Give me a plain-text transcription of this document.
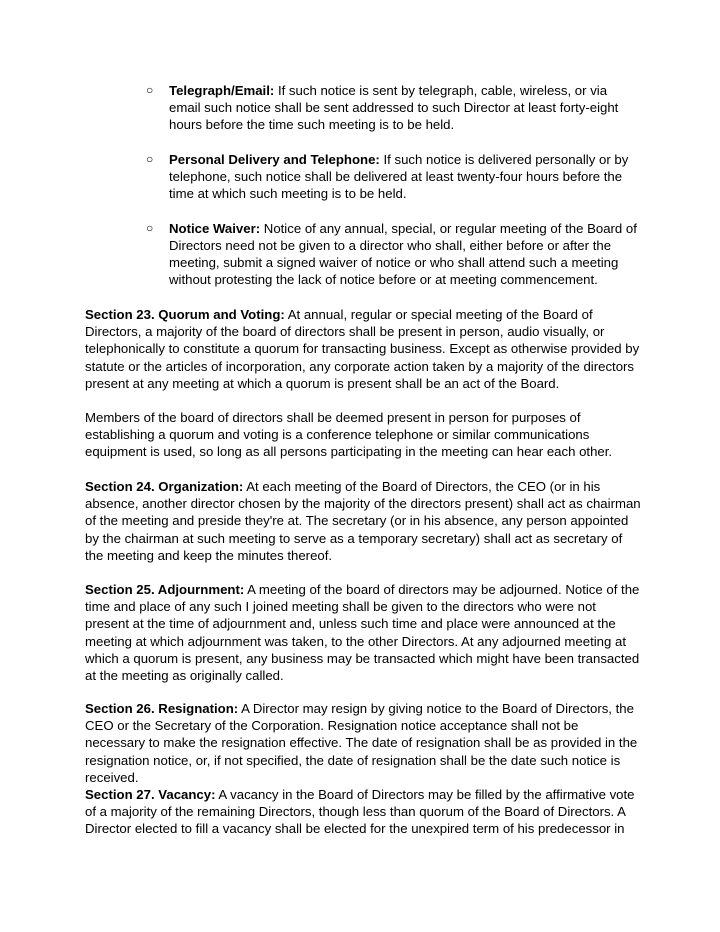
○ Telegraph/Email: If such notice is sent by telegraph, cable, wireless, or via email such notice shall be sent addressed to such Director at least forty-eight hours before the time such meeting is to be held.
○ Personal Delivery and Telephone: If such notice is delivered personally or by telephone, such notice shall be delivered at least twenty-four hours before the time at which such meeting is to be held.
○ Notice Waiver: Notice of any annual, special, or regular meeting of the Board of Directors need not be given to a director who shall, either before or after the meeting, submit a signed waiver of notice or who shall attend such a meeting without protesting the lack of notice before or at meeting commencement.

Section 23. Quorum and Voting: At annual, regular or special meeting of the Board of Directors, a majority of the board of directors shall be present in person, audio visually, or telephonically to constitute a quorum for transacting business. Except as otherwise provided by statute or the articles of incorporation, any corporate action taken by a majority of the directors present at any meeting at which a quorum is present shall be an act of the Board.

Members of the board of directors shall be deemed present in person for purposes of establishing a quorum and voting is a conference telephone or similar communications equipment is used, so long as all persons participating in the meeting can hear each other.

Section 24. Organization: At each meeting of the Board of Directors, the CEO (or in his absence, another director chosen by the majority of the directors present) shall act as chairman of the meeting and preside they're at. The secretary (or in his absence, any person appointed by the chairman at such meeting to serve as a temporary secretary) shall act as secretary of the meeting and keep the minutes thereof.

Section 25. Adjournment: A meeting of the board of directors may be adjourned. Notice of the time and place of any such I joined meeting shall be given to the directors who were not present at the time of adjournment and, unless such time and place were announced at the meeting at which adjournment was taken, to the other Directors. At any adjourned meeting at which a quorum is present, any business may be transacted which might have been transacted at the meeting as originally called.

Section 26. Resignation: A Director may resign by giving notice to the Board of Directors, the CEO or the Secretary of the Corporation. Resignation notice acceptance shall not be necessary to make the resignation effective. The date of resignation shall be as provided in the resignation notice, or, if not specified, the date of resignation shall be the date such notice is received.

Section 27. Vacancy: A vacancy in the Board of Directors may be filled by the affirmative vote of a majority of the remaining Directors, though less than quorum of the Board of Directors. A Director elected to fill a vacancy shall be elected for the unexpired term of his predecessor in
